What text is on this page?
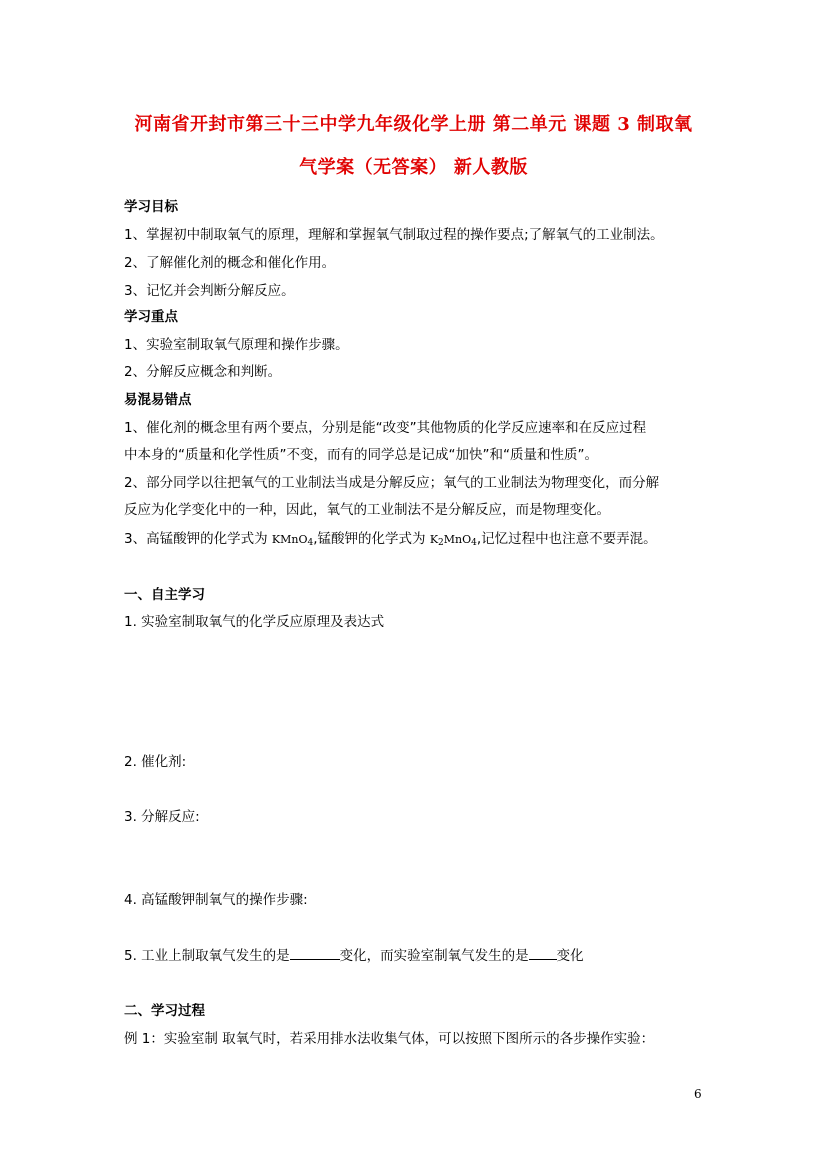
河南省开封市第三十三中学九年级化学上册 第二单元 课题 3 制取氧
气学案（无答案） 新人教版
学习目标
1、掌握初中制取氧气的原理，理解和掌握氧气制取过程的操作要点;了解氧气的工业制法。
2、了解催化剂的概念和催化作用。
3、记忆并会判断分解反应。
学习重点
1、实验室制取氧气原理和操作步骤。
2、分解反应概念和判断。
易混易错点
1、催化剂的概念里有两个要点，分别是能“改变”其他物质的化学反应速率和在反应过程
中本身的“质量和化学性质”不变，而有的同学总是记成“加快”和“质量和性质”。
2、部分同学以往把氧气的工业制法当成是分解反应；氧气的工业制法为物理变化，而分解
反应为化学变化中的一种，因此，氧气的工业制法不是分解反应，而是物理变化。
3、高锰酸钾的化学式为 KMnO$_4$,锰酸钾的化学式为 $K_2MnO_4$,记忆过程中也注意不要弄混。
一、自主学习
1. 实验室制取氧气的化学反应原理及表达式
2. 催化剂:
3. 分解反应:
4. 高锰酸钾制氧气的操作步骤:
5. 工业上制取氧气发生的是	变化，而实验室制氧气发生的是 变化
二、学习过程
例 1：实验室制 取氧气时，若采用排水法收集气体，可以按照下图所示的各步操作实验：
6
